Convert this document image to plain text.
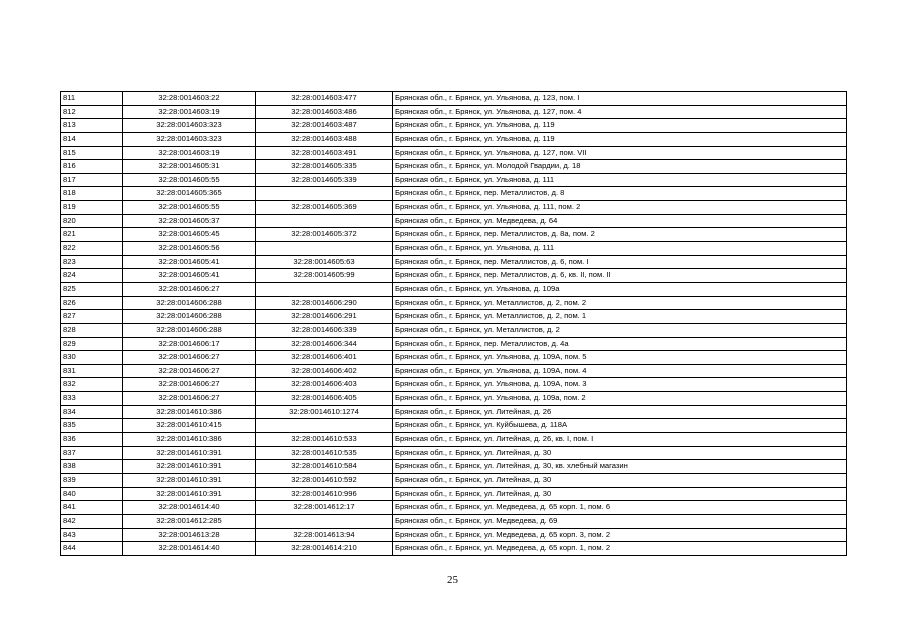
811	32:28:0014603:22	32:28:0014603:477	Брянская обл., г. Брянск, ул. Ульянова, д. 123, пом. I
812	32:28:0014603:19	32:28:0014603:486	Брянская обл., г. Брянск, ул. Ульянова, д. 127, пом. 4
813	32:28:0014603:323	32:28:0014603:487	Брянская обл., г. Брянск, ул. Ульянова, д. 119
814	32:28:0014603:323	32:28:0014603:488	Брянская обл., г. Брянск, ул. Ульянова, д. 119
815	32:28:0014603:19	32:28:0014603:491	Брянская обл., г. Брянск, ул. Ульянова, д. 127, пом. VII
816	32:28:0014605:31	32:28:0014605:335	Брянская обл., г. Брянск, ул. Молодой Гвардии, д. 18
817	32:28:0014605:55	32:28:0014605:339	Брянская обл., г. Брянск, ул. Ульянова, д. 111
818	32:28:0014605:365		Брянская обл., г. Брянск, пер. Металлистов, д. 8
819	32:28:0014605:55	32:28:0014605:369	Брянская обл., г. Брянск, ул. Ульянова, д. 111, пом. 2
820	32:28:0014605:37		Брянская обл., г. Брянск, ул. Медведева, д. 64
821	32:28:0014605:45	32:28:0014605:372	Брянская обл., г. Брянск, пер. Металлистов, д. 8а, пом. 2
822	32:28:0014605:56		Брянская обл., г. Брянск, ул. Ульянова, д. 111
823	32:28:0014605:41	32:28:0014605:63	Брянская обл., г. Брянск, пер. Металлистов, д. 6, пом. I
824	32:28:0014605:41	32:28:0014605:99	Брянская обл., г. Брянск, пер. Металлистов, д. 6, кв. II, пом. II
825	32:28:0014606:27		Брянская обл., г. Брянск, ул. Ульянова, д. 109а
826	32:28:0014606:288	32:28:0014606:290	Брянская обл., г. Брянск, ул. Металлистов, д. 2, пом. 2
827	32:28:0014606:288	32:28:0014606:291	Брянская обл., г. Брянск, ул. Металлистов, д. 2, пом. 1
828	32:28:0014606:288	32:28:0014606:339	Брянская обл., г. Брянск, ул. Металлистов, д. 2
829	32:28:0014606:17	32:28:0014606:344	Брянская обл., г. Брянск, пер. Металлистов, д. 4а
830	32:28:0014606:27	32:28:0014606:401	Брянская обл., г. Брянск, ул. Ульянова, д. 109А, пом. 5
831	32:28:0014606:27	32:28:0014606:402	Брянская обл., г. Брянск, ул. Ульянова, д. 109А, пом. 4
832	32:28:0014606:27	32:28:0014606:403	Брянская обл., г. Брянск, ул. Ульянова, д. 109А, пом. 3
833	32:28:0014606:27	32:28:0014606:405	Брянская обл., г. Брянск, ул. Ульянова, д. 109а, пом. 2
834	32:28:0014610:386	32:28:0014610:1274	Брянская обл., г. Брянск, ул. Литейная, д. 26
835	32:28:0014610:415		Брянская обл., г. Брянск, ул. Куйбышева, д. 118А
836	32:28:0014610:386	32:28:0014610:533	Брянская обл., г. Брянск, ул. Литейная, д. 26, кв. I, пом. I
837	32:28:0014610:391	32:28:0014610:535	Брянская обл., г. Брянск, ул. Литейная, д. 30
838	32:28:0014610:391	32:28:0014610:584	Брянская обл., г. Брянск, ул. Литейная, д. 30, кв. хлебный магазин
839	32:28:0014610:391	32:28:0014610:592	Брянская обл., г. Брянск, ул. Литейная, д. 30
840	32:28:0014610:391	32:28:0014610:996	Брянская обл., г. Брянск, ул. Литейная, д. 30
841	32:28:0014614:40	32:28:0014612:17	Брянская обл., г. Брянск, ул. Медведева, д. 65 корп. 1, пом. 6
842	32:28:0014612:285		Брянская обл., г. Брянск, ул. Медведева, д. 69
843	32:28:0014613:28	32:28:0014613:94	Брянская обл., г. Брянск, ул. Медведева, д. 65 корп. 3, пом. 2
844	32:28:0014614:40	32:28:0014614:210	Брянская обл., г. Брянск, ул. Медведева, д. 65 корп. 1, пом. 2
25
